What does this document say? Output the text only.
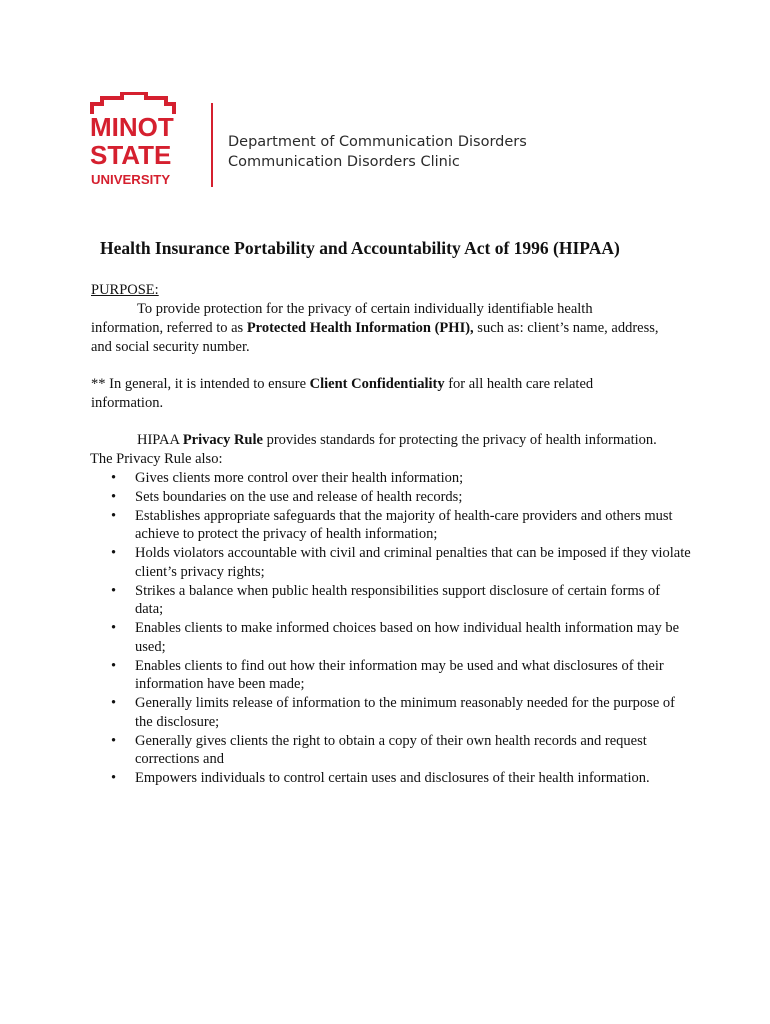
MINOT
STATE
UNIVERSITY
Department of Communication Disorders
Communication Disorders Clinic
Health Insurance Portability and Accountability Act of 1996 (HIPAA)
PURPOSE:
To provide protection for the privacy of certain individually identifiable health information, referred to as Protected Health Information (PHI), such as: client’s name, address, and social security number.
** In general, it is intended to ensure Client Confidentiality for all health care related information.
HIPAA Privacy Rule provides standards for protecting the privacy of health information.
The Privacy Rule also:
• Gives clients more control over their health information;
• Sets boundaries on the use and release of health records;
• Establishes appropriate safeguards that the majority of health-care providers and others must achieve to protect the privacy of health information;
• Holds violators accountable with civil and criminal penalties that can be imposed if they violate client’s privacy rights;
• Strikes a balance when public health responsibilities support disclosure of certain forms of data;
• Enables clients to make informed choices based on how individual health information may be used;
• Enables clients to find out how their information may be used and what disclosures of their information have been made;
• Generally limits release of information to the minimum reasonably needed for the purpose of the disclosure;
• Generally gives clients the right to obtain a copy of their own health records and request corrections and
• Empowers individuals to control certain uses and disclosures of their health information.
